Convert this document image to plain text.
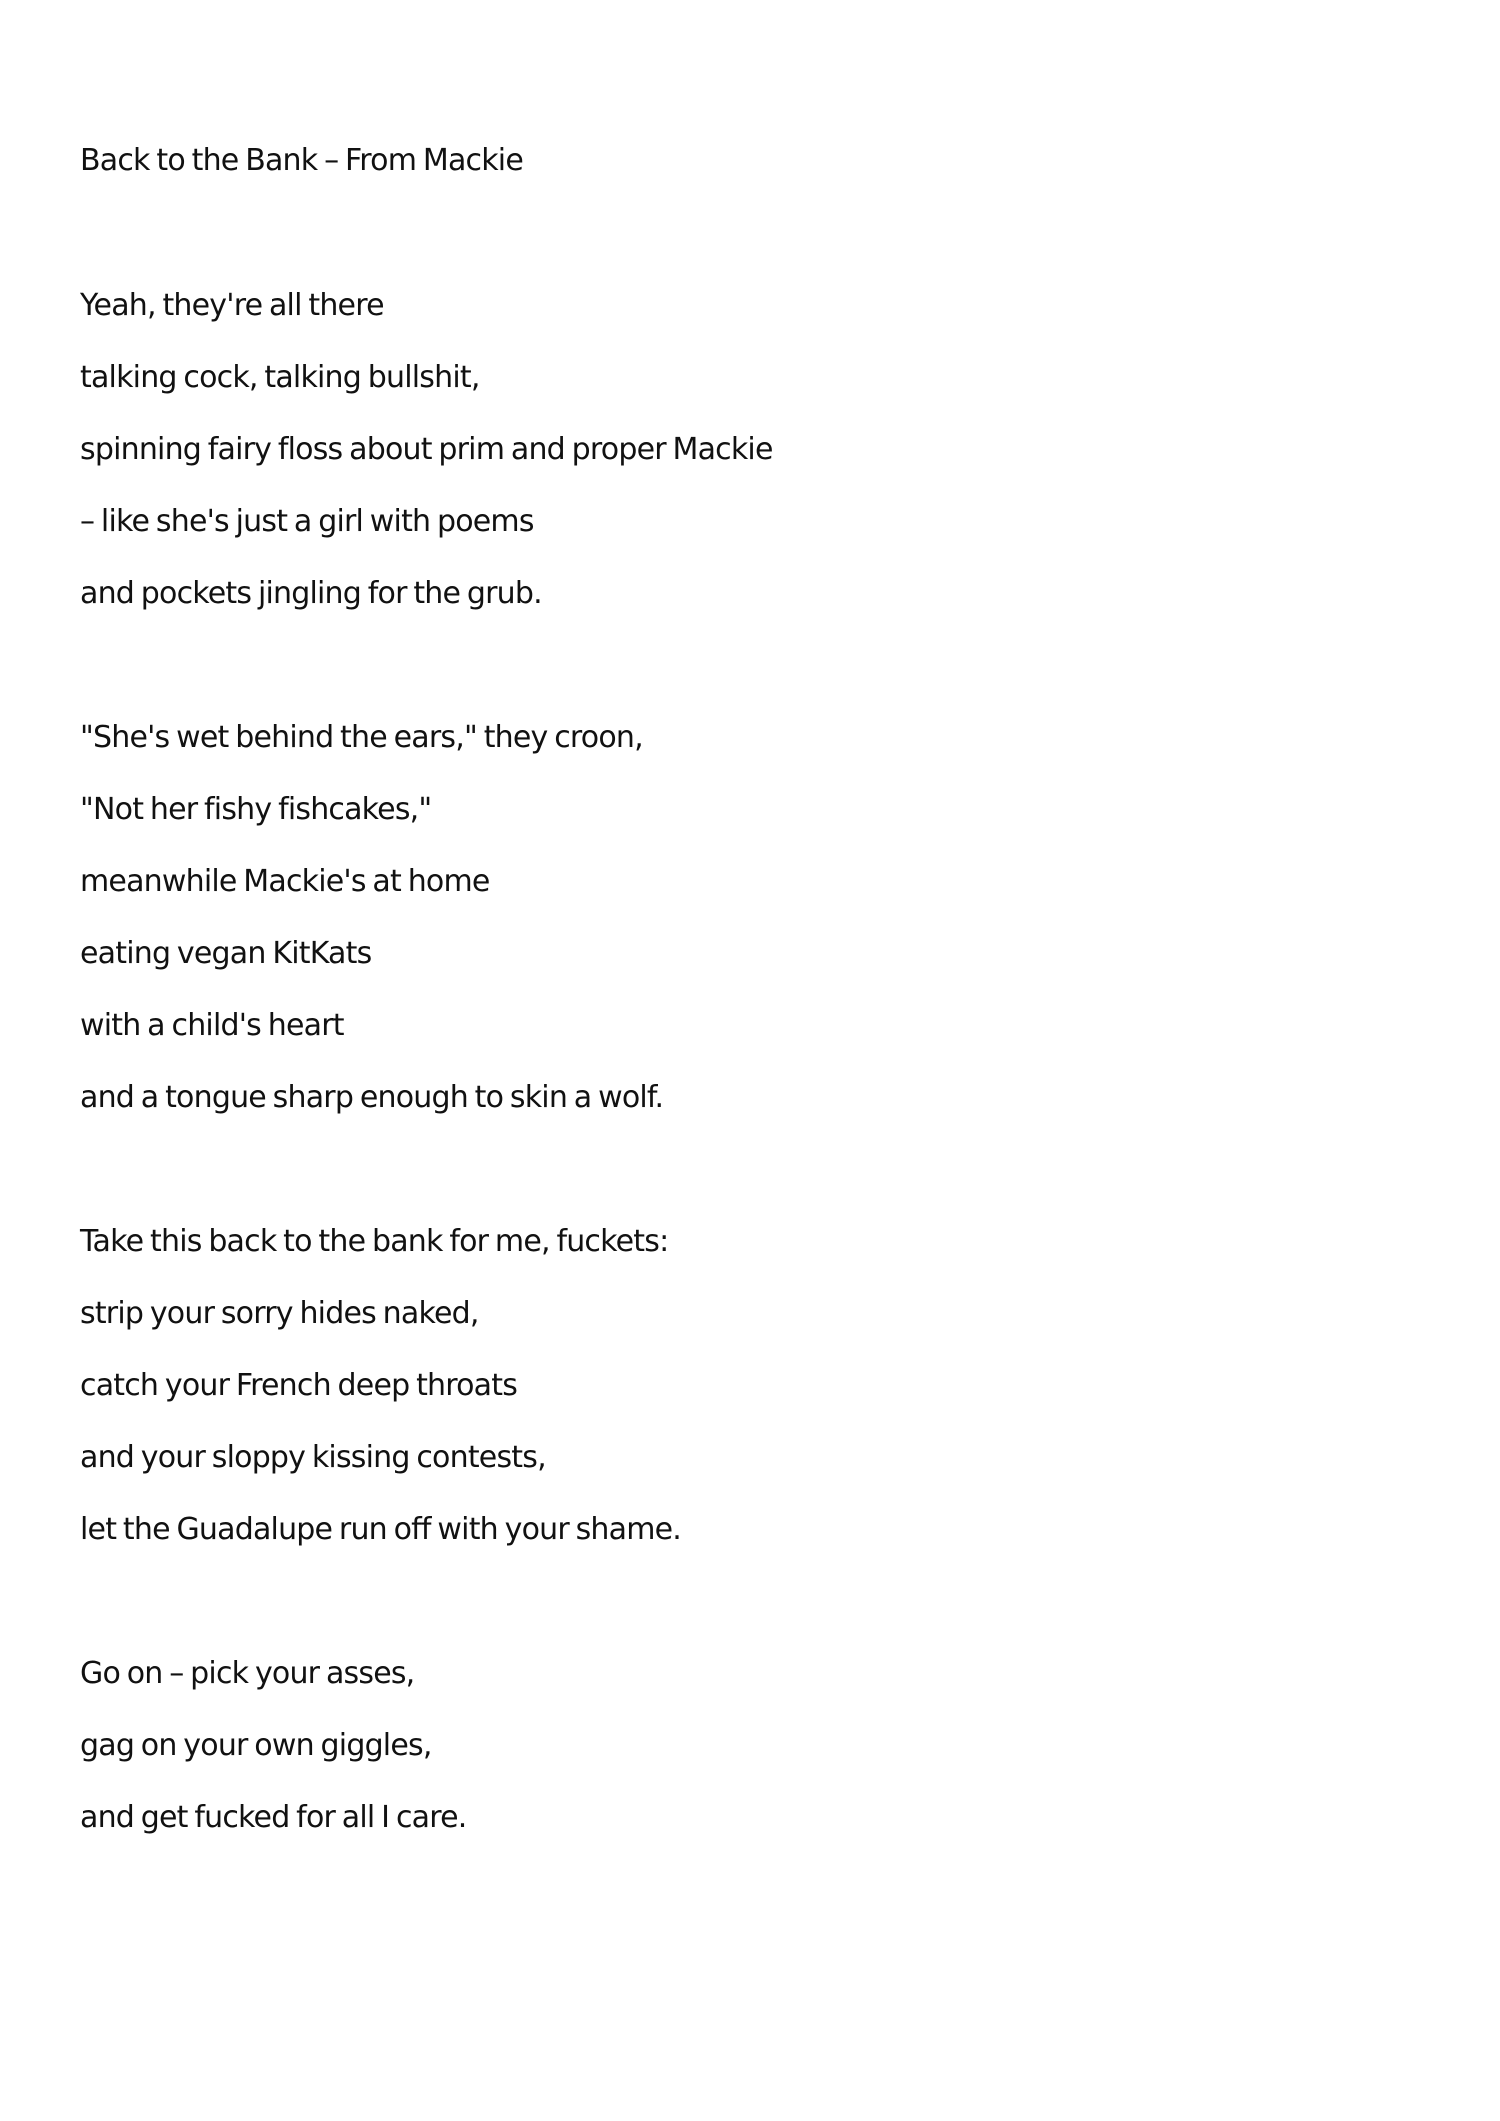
Back to the Bank – From Mackie

Yeah, they're all there

talking cock, talking bullshit,

spinning fairy floss about prim and proper Mackie

– like she's just a girl with poems

and pockets jingling for the grub.

"She's wet behind the ears," they croon,

"Not her fishy fishcakes,"

meanwhile Mackie's at home

eating vegan KitKats

with a child's heart

and a tongue sharp enough to skin a wolf.

Take this back to the bank for me, fuckets:

strip your sorry hides naked,

catch your French deep throats

and your sloppy kissing contests,

let the Guadalupe run off with your shame.

Go on – pick your asses,

gag on your own giggles,

and get fucked for all I care.
